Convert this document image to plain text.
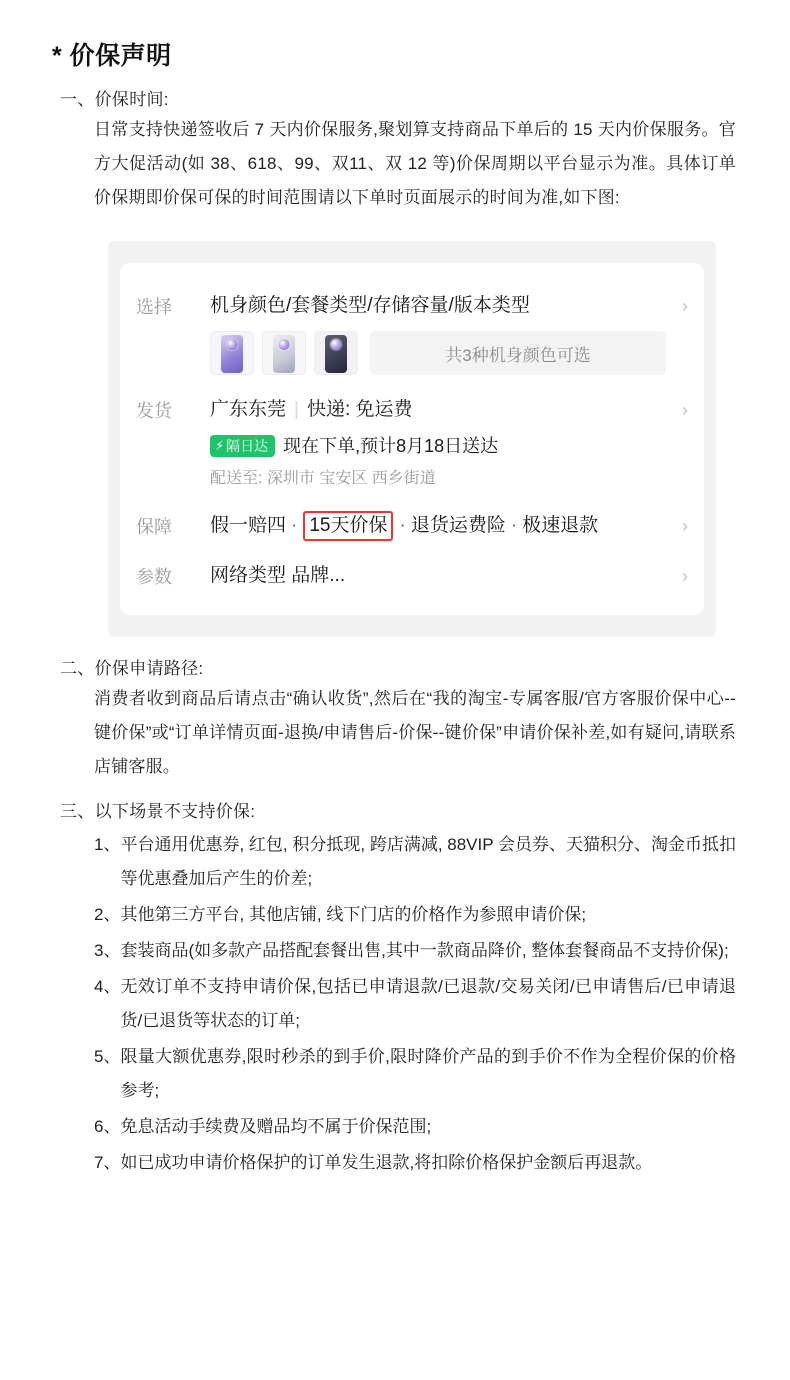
* 价保声明
一、价保时间:
日常支持快递签收后 7 天内价保服务,聚划算支持商品下单后的 15 天内价保服务。官方大促活动(如 38、618、99、双11、双 12 等)价保周期以平台显示为准。具体订单价保期即价保可保的时间范围请以下单时页面展示的时间为准,如下图:
选择	机身颜色/套餐类型/存储容量/版本类型
共3种机身颜色可选
›
发货	广东东莞 | 快递: 免运费
⚡ 隔日达 现在下单,预计8月18日送达
配送至: 深圳市 宝安区 西乡街道
›
保障	假一赔四 · 15天价保 · 退货运费险 · 极速退款	›
参数	网络类型 品牌...	›
二、价保申请路径:
消费者收到商品后请点击“确认收货”,然后在“我的淘宝-专属客服/官方客服价保中心--键价保”或“订单详情页面-退换/申请售后-价保--键价保”申请价保补差,如有疑问,请联系店铺客服。
三、以下场景不支持价保:
1、 平台通用优惠券, 红包, 积分抵现, 跨店满减, 88VIP 会员券、天猫积分、淘金币抵扣等优惠叠加后产生的价差;
2、 其他第三方平台, 其他店铺, 线下门店的价格作为参照申请价保;
3、 套装商品(如多款产品搭配套餐出售,其中一款商品降价, 整体套餐商品不支持价保);
4、 无效订单不支持申请价保,包括已申请退款/已退款/交易关闭/已申请售后/已申请退货/已退货等状态的订单;
5、 限量大额优惠券,限时秒杀的到手价,限时降价产品的到手价不作为全程价保的价格参考;
6、 免息活动手续费及赠品均不属于价保范围;
7、 如已成功申请价格保护的订单发生退款,将扣除价格保护金额后再退款。
